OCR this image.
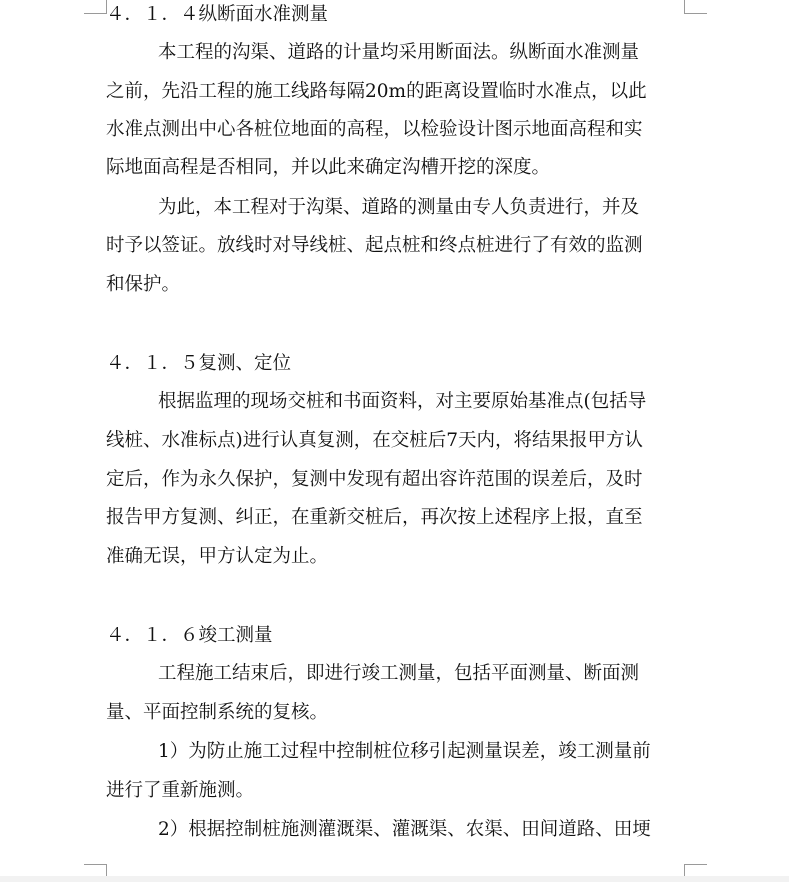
４．１．４纵断面水准测量
本工程的沟渠、道路的计量均采用断面法。纵断面水准测量
之前，先沿工程的施工线路每隔20m的距离设置临时水准点，以此
水准点测出中心各桩位地面的高程，以检验设计图示地面高程和实
际地面高程是否相同，并以此来确定沟槽开挖的深度。
为此，本工程对于沟渠、道路的测量由专人负责进行，并及
时予以签证。放线时对导线桩、起点桩和终点桩进行了有效的监测
和保护。
４．１．５复测、定位
根据监理的现场交桩和书面资料，对主要原始基准点(包括导
线桩、水准标点)进行认真复测，在交桩后7天内，将结果报甲方认
定后，作为永久保护，复测中发现有超出容许范围的误差后，及时
报告甲方复测、纠正，在重新交桩后，再次按上述程序上报，直至
准确无误，甲方认定为止。
４．１．６竣工测量
工程施工结束后，即进行竣工测量，包括平面测量、断面测
量、平面控制系统的复核。
1）为防止施工过程中控制桩位移引起测量误差，竣工测量前
进行了重新施测。
2）根据控制桩施测灌溉渠、灌溉渠、农渠、田间道路、田埂
